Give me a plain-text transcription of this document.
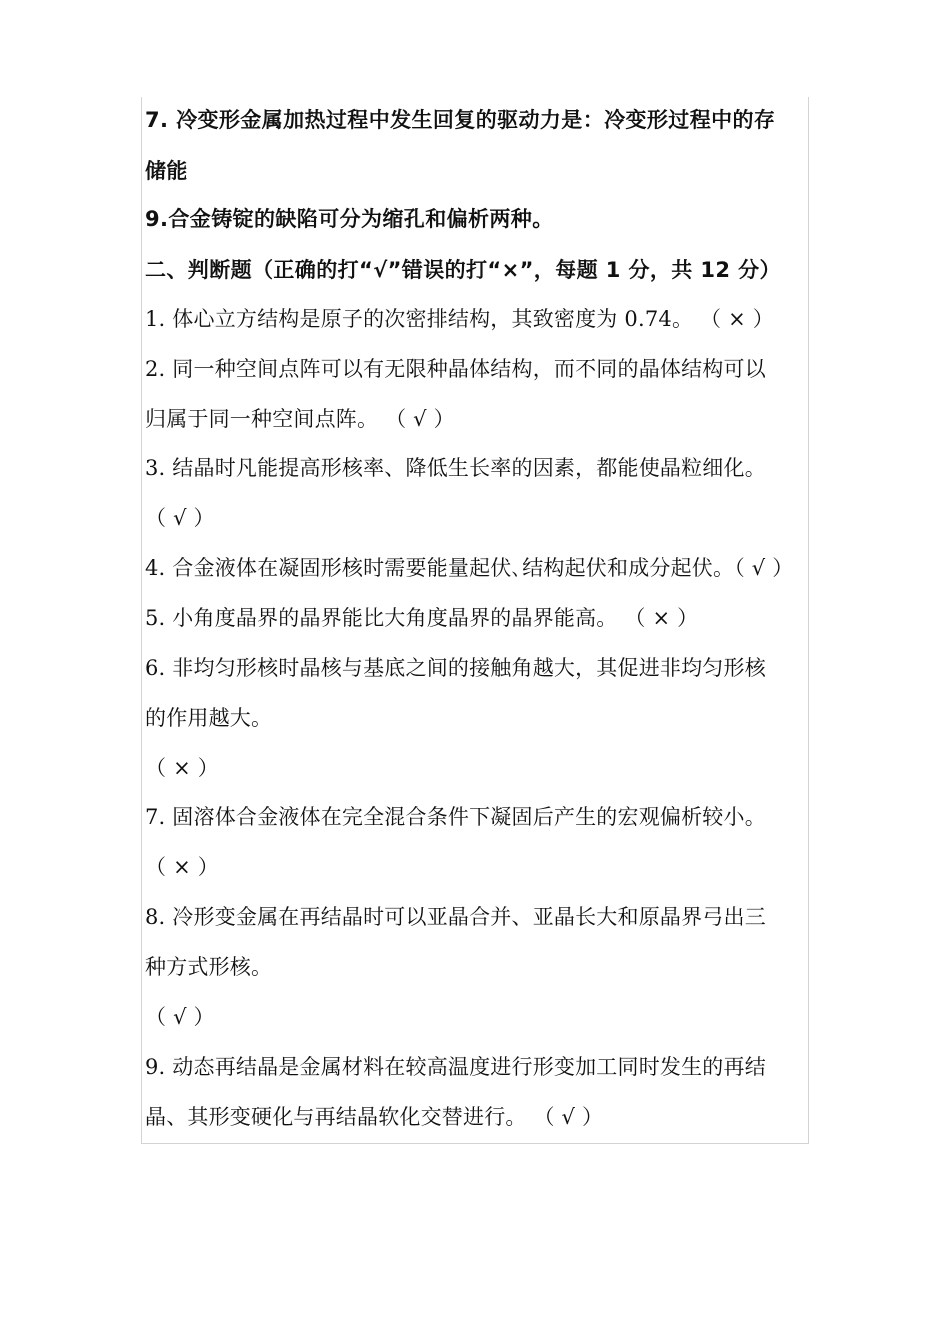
7. 冷变形金属加热过程中发生回复的驱动力是：冷变形过程中的存
储能
9.合金铸锭的缺陷可分为缩孔和偏析两种。
二、判断题（正确的打“√”错误的打“×”，每题 1 分，共 12 分）
1. 体心立方结构是原子的次密排结构，其致密度为 0.74。 （ × ）
2. 同一种空间点阵可以有无限种晶体结构，而不同的晶体结构可以
归属于同一种空间点阵。 （ √ ）
3. 结晶时凡能提高形核率、降低生长率的因素，都能使晶粒细化。
（ √ ）
4. 合金液体在凝固形核时需要能量起伏､结构起伏和成分起伏。（ √ ）
5. 小角度晶界的晶界能比大角度晶界的晶界能高。 （ × ）
6. 非均匀形核时晶核与基底之间的接触角越大，其促进非均匀形核
的作用越大。
（ × ）
7. 固溶体合金液体在完全混合条件下凝固后产生的宏观偏析较小。
（ × ）
8. 冷形变金属在再结晶时可以亚晶合并、亚晶长大和原晶界弓出三
种方式形核。
（ √ ）
9. 动态再结晶是金属材料在较高温度进行形变加工同时发生的再结
晶、其形变硬化与再结晶软化交替进行。 （ √ ）
